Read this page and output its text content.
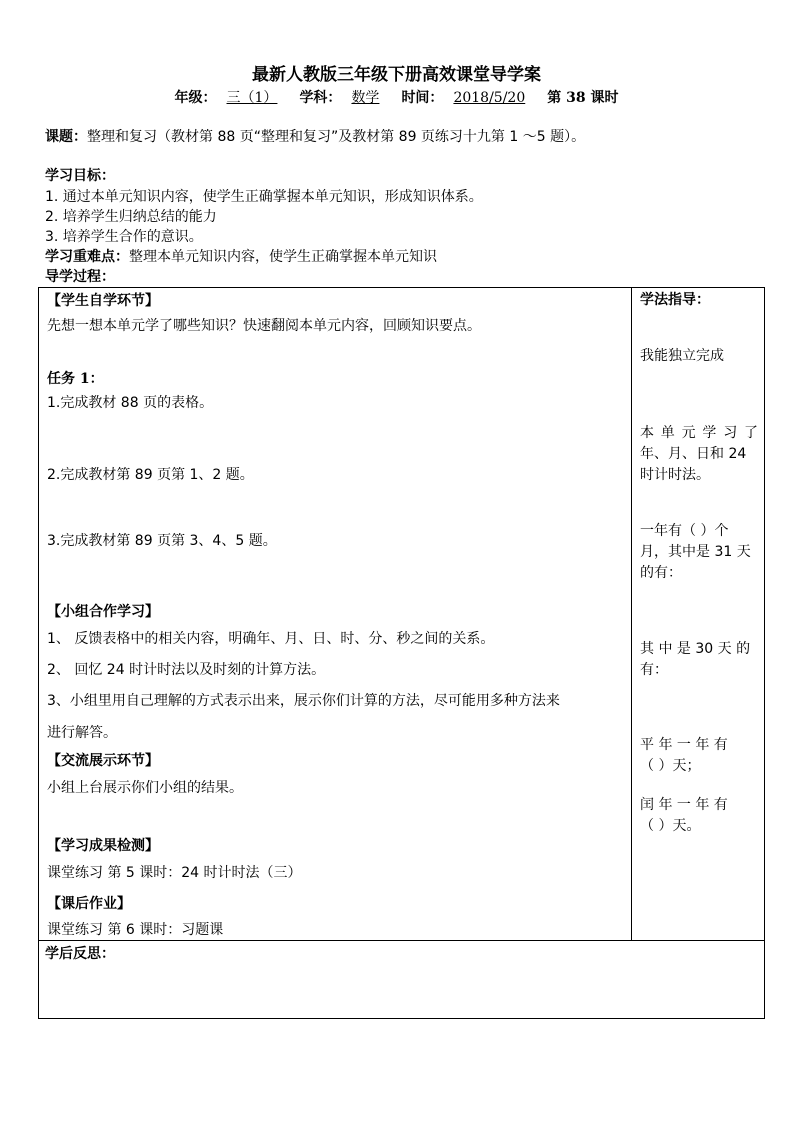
最新人教版三年级下册高效课堂导学案
年级： 三（1） 学科： 数学 时间： 2018/5/20 第 38 课时
课题：整理和复习（教材第 88 页“整理和复习”及教材第 89 页练习十九第 1 ～5 题）。
学习目标：
1. 通过本单元知识内容，使学生正确掌握本单元知识，形成知识体系。
2. 培养学生归纳总结的能力
3. 培养学生合作的意识。
学习重难点：整理本单元知识内容，使学生正确掌握本单元知识
导学过程：
【学生自学环节】
先想一想本单元学了哪些知识？快速翻阅本单元内容，回顾知识要点。
任务 1：
1.完成教材 88 页的表格。
2.完成教材第 89 页第 1、2 题。
3.完成教材第 89 页第 3、4、5 题。
【小组合作学习】
1、 反馈表格中的相关内容，明确年、月、日、时、分、秒之间的关系。
2、 回忆 24 时计时法以及时刻的计算方法。
3、小组里用自己理解的方式表示出来，展示你们计算的方法，尽可能用多种方法来
进行解答。
【交流展示环节】
小组上台展示你们小组的结果。
【学习成果检测】
课堂练习 第 5 课时：24 时计时法（三）
【课后作业】
课堂练习 第 6 课时：习题课

学法指导：
我能独立完成
本 单 元 学 习 了
年、月、日和 24
时计时法。
一年有（ ）个
月，其中是 31 天
的有：
其 中 是 30 天 的
有：
平 年 一 年 有
（ ）天；
闰 年 一 年 有
（ ）天。

学后反思：
